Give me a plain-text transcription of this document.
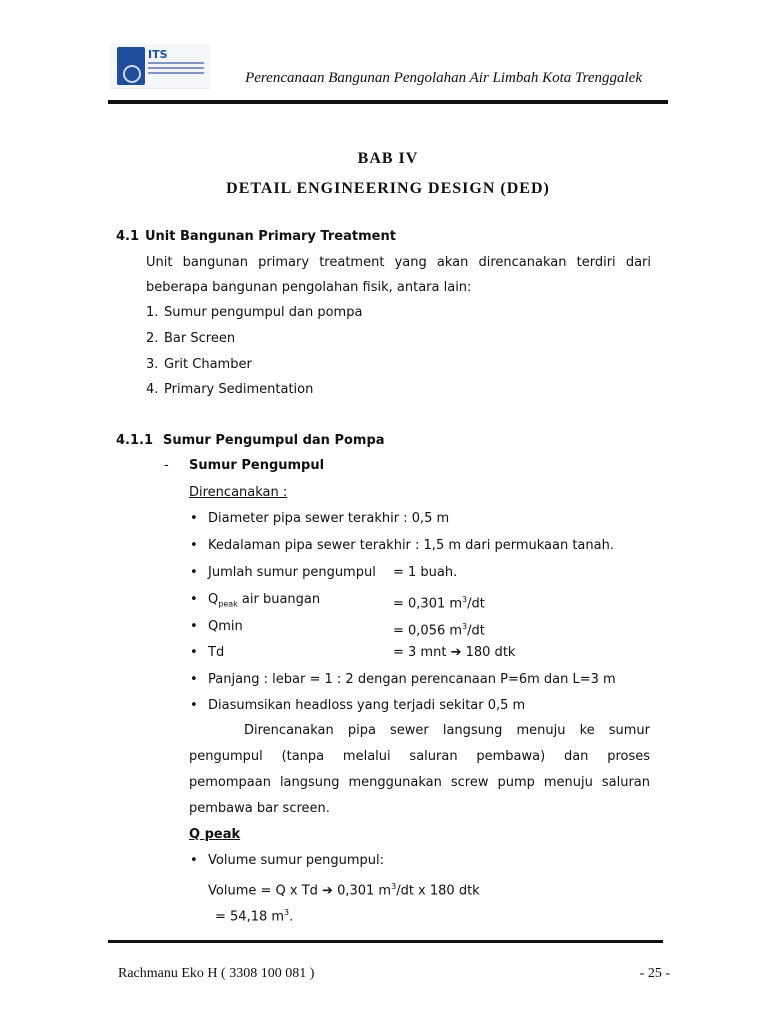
ITS
Perencanaan Bangunan Pengolahan Air Limbah Kota Trenggalek
BAB IV
DETAIL ENGINEERING DESIGN (DED)
4.1 Unit Bangunan Primary Treatment
Unit bangunan primary treatment yang akan direncanakan terdiri dari
beberapa bangunan pengolahan fisik, antara lain:
1. Sumur pengumpul dan pompa
2. Bar Screen
3. Grit Chamber
4. Primary Sedimentation
4.1.1 Sumur Pengumpul dan Pompa
- Sumur Pengumpul
Direncanakan :
• Diameter pipa sewer terakhir : 0,5 m
• Kedalaman pipa sewer terakhir : 1,5 m dari permukaan tanah.
• Jumlah sumur pengumpul = 1 buah.
• $Q_{peak}$ air buangan	= 0,301 $m^3/dt$
• Qmin	= 0,056 $m^3/dt$
• Td	= 3 mnt ➔ 180 dtk
• Panjang : lebar = 1 : 2 dengan perencanaan P=6m dan L=3 m
• Diasumsikan headloss yang terjadi sekitar 0,5 m
Direncanakan pipa sewer langsung menuju ke sumur
pengumpul (tanpa melalui saluran pembawa) dan proses
pemompaan langsung menggunakan screw pump menuju saluran
pembawa bar screen.
Q peak
• Volume sumur pengumpul:
Volume = Q x Td ➔ 0,301 $m^3/dt$ x 180 dtk
= 54,18 $m^3$.
Rachmanu Eko H ( 3308 100 081 )	- 25 -
